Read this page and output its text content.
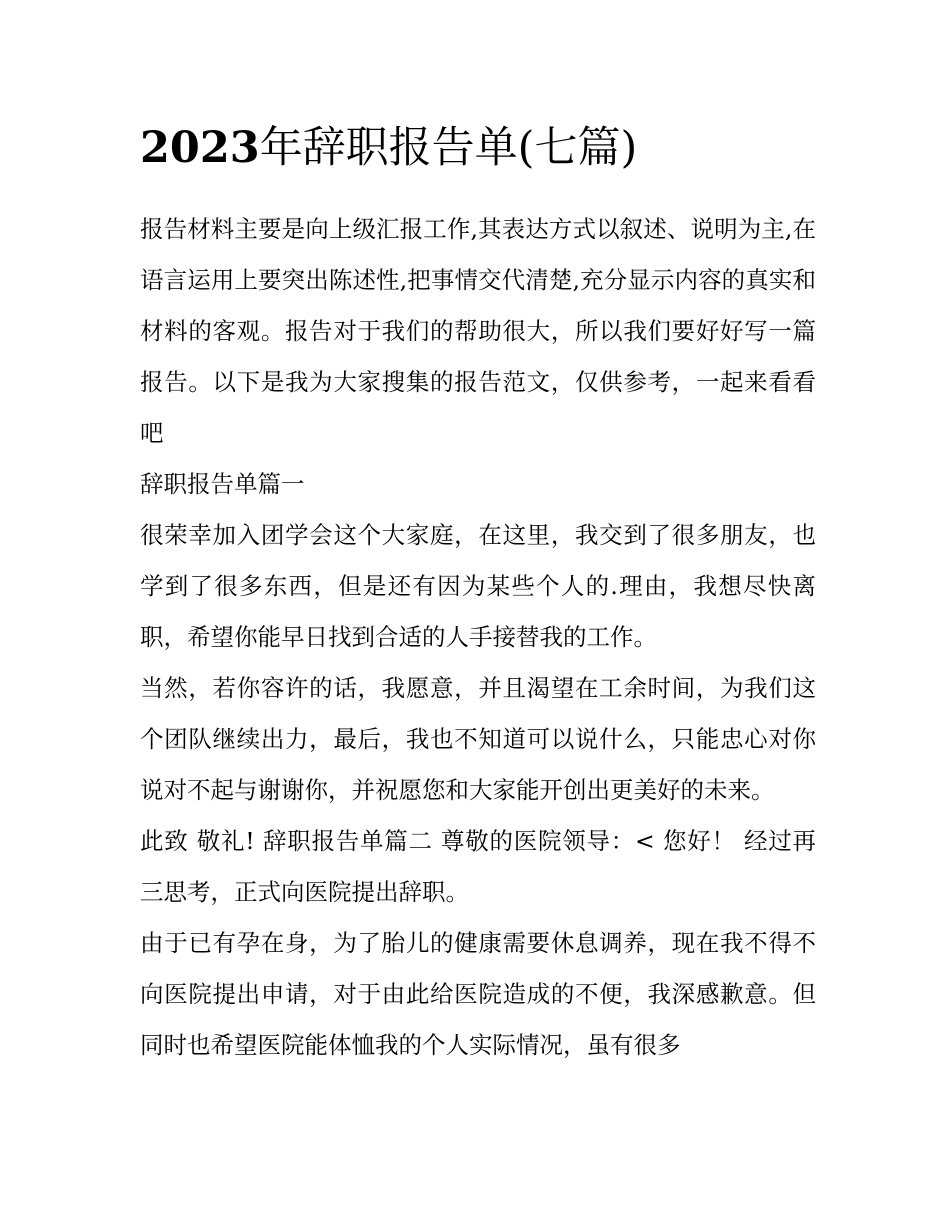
2023年辞职报告单(七篇)

报告材料主要是向上级汇报工作,其表达方式以叙述、说明为主,在语言运用上要突出陈述性,把事情交代清楚,充分显示内容的真实和材料的客观。报告对于我们的帮助很大，所以我们要好好写一篇报告。以下是我为大家搜集的报告范文，仅供参考，一起来看看吧

辞职报告单篇一

很荣幸加入团学会这个大家庭，在这里，我交到了很多朋友，也学到了很多东西，但是还有因为某些个人的.理由，我想尽快离职，希望你能早日找到合适的人手接替我的工作。

当然，若你容许的话，我愿意，并且渴望在工余时间，为我们这个团队继续出力，最后，我也不知道可以说什么，只能忠心对你说对不起与谢谢你，并祝愿您和大家能开创出更美好的未来。

此致 敬礼! 辞职报告单篇二 尊敬的医院领导：< 您好！ 经过再三思考，正式向医院提出辞职。

由于已有孕在身，为了胎儿的健康需要休息调养，现在我不得不向医院提出申请，对于由此给医院造成的不便，我深感歉意。但同时也希望医院能体恤我的个人实际情况，虽有很多
